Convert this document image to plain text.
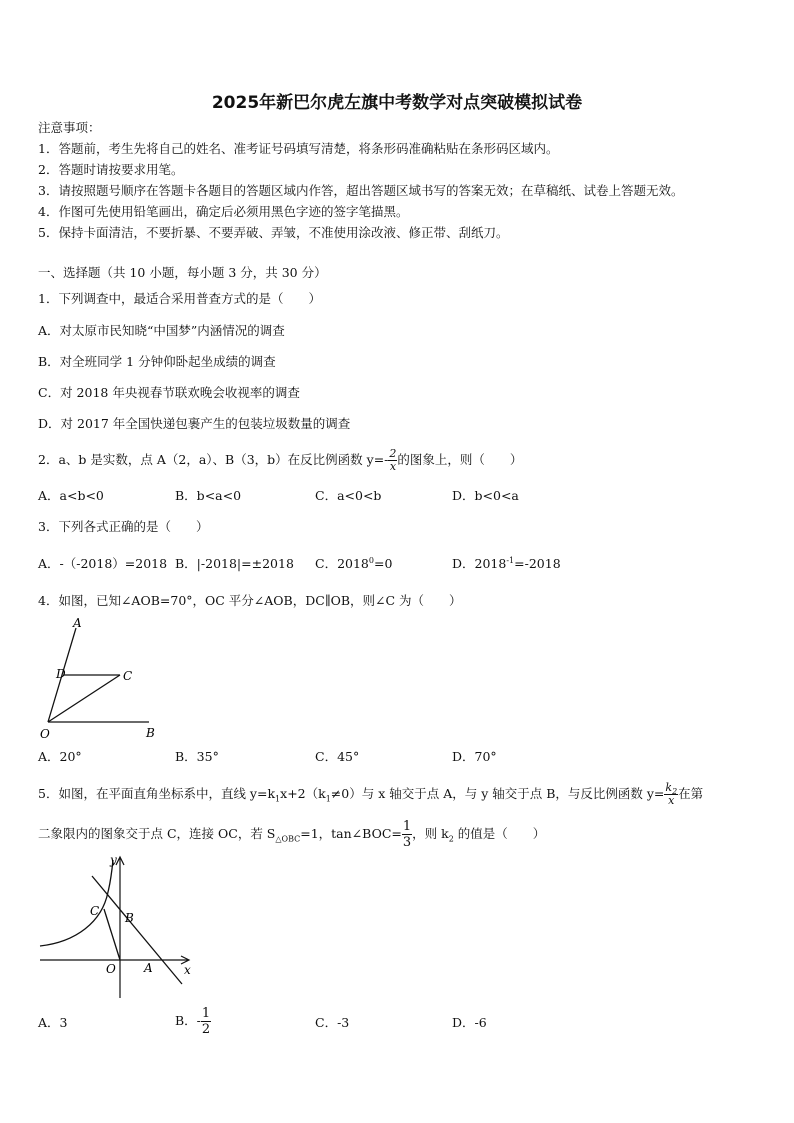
2025年新巴尔虎左旗中考数学对点突破模拟试卷
注意事项：
1．答题前，考生先将自己的姓名、准考证号码填写清楚，将条形码准确粘贴在条形码区域内。
2．答题时请按要求用笔。
3．请按照题号顺序在答题卡各题目的答题区域内作答，超出答题区域书写的答案无效；在草稿纸、试卷上答题无效。
4．作图可先使用铅笔画出，确定后必须用黑色字迹的签字笔描黑。
5．保持卡面清洁，不要折暴、不要弄破、弄皱，不准使用涂改液、修正带、刮纸刀。
一、选择题（共 10 小题，每小题 3 分，共 30 分）
1．下列调查中，最适合采用普查方式的是（　　）
A．对太原市民知晓“中国梦”内涵情况的调查
B．对全班同学 1 分钟仰卧起坐成绩的调查
C．对 2018 年央视春节联欢晚会收视率的调查
D．对 2017 年全国快递包裹产生的包装垃圾数量的调查
2．a、b 是实数，点 A（2，a）、B（3，b）在反比例函数 $y=- \frac{2}{x}$ 的图象上，则（　　）
A．a<b<0	B．b<a<0	C．a<0<b	D．b<0<a
3．下列各式正确的是（　　）
A．-（-2018）=2018 B．|-2018|=±2018 C．$2018^0=0$	D．$2018^{-1}=-2018$
4．如图，已知∠AOB=70°，OC 平分∠AOB，DC∥OB，则∠C 为（　　）
A
D	C
O	B
A．20°	B．35°	C．45°	D．70°
5．如图，在平面直角坐标系中，直线 $y=k_1x+2(k_1\ne 0)$与 x 轴交于点 A，与 y 轴交于点 B，与反比例函数 $y= \frac{k_2}{x}$ 在第
二象限内的图象交于点 C，连接 OC，若 $S_{\triangle OBC}=1$，tan∠BOC= $\frac{1}{3}$ ，则 $k_2$ 的值是（　　）
C B
O A
y
x
A．3	B．- $\frac{1}{2}$	C．-3	D．-6
